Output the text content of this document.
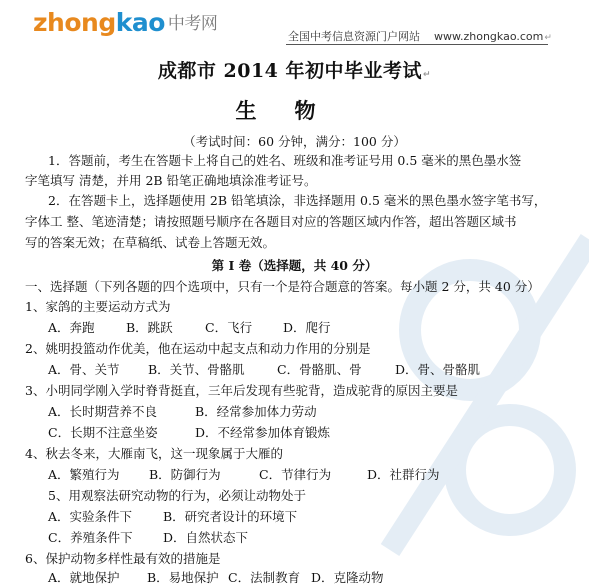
zhongkao 中考网
全国中考信息资源门户网站 www.zhongkao.com↵
成都市 2014 年初中毕业考试↵
生物
（考试时间：60 分钟，满分：100 分）
1．答题前，考生在答题卡上将自己的姓名、班级和准考证号用 0.5 毫米的黑色墨水签
字笔填写 清楚，并用 2B 铅笔正确地填涂准考证号。
2．在答题卡上，选择题使用 2B 铅笔填涂，非选择题用 0.5 毫米的黑色墨水签字笔书写，
字体工 整、笔迹清楚；请按照题号顺序在各题目对应的答题区域内作答，超出答题区域书
写的答案无效；在草稿纸、试卷上答题无效。
第 I 卷（选择题，共 40 分）
一、选择题（下列各题的四个选项中，只有一个是符合题意的答案。每小题 2 分，共 40 分）
1、家鸽的主要运动方式为
A．奔跑	B．跳跃	C．飞行 D．爬行
2、姚明投篮动作优美，他在运动中起支点和动力作用的分别是
A．骨、关节 B．关节、骨骼肌	C．骨骼肌、骨	D．骨、骨骼肌
3、小明同学刚入学时脊背挺直，三年后发现有些驼背，造成驼背的原因主要是
A．长时期营养不良	B．经常参加体力劳动
C．长期不注意坐姿	D．不经常参加体育锻炼
4、秋去冬来，大雁南飞，这一现象属于大雁的
A．繁殖行为 B．防御行为	C．节律行为	D．社群行为
5、用观察法研究动物的行为，必须让动物处于
A．实验条件下 B．研究者设计的环境下
C．养殖条件下 D．自然状态下
6、保护动物多样性最有效的措施是
A．就地保护 B．易地保护 C．法制教育 D．克隆动物
